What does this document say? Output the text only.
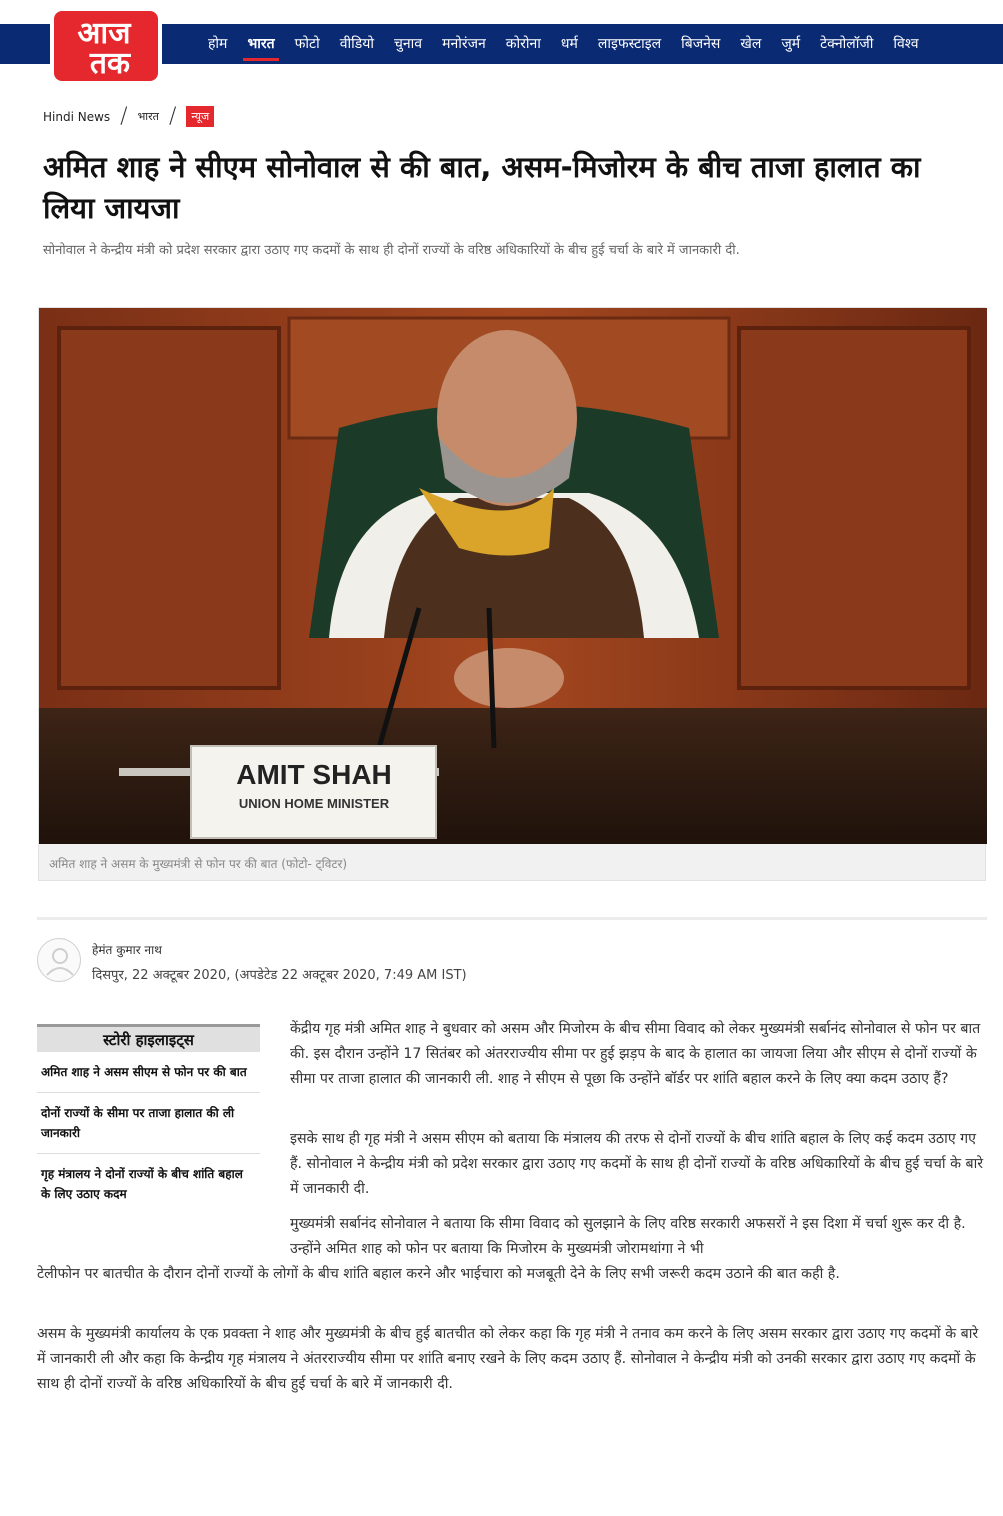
आज
तक
होम	भारत	फोटो	वीडियो	चुनाव	मनोरंजन	कोरोना	धर्म	लाइफस्टाइल	बिजनेस	खेल	जुर्म	टेक्नोलॉजी	विश्व
Hindi News / भारत /	न्यूज
अमित शाह ने सीएम सोनोवाल से की बात, असम-मिजोरम के बीच ताजा हालात का लिया जायजा

सोनोवाल ने केन्द्रीय मंत्री को प्रदेश सरकार द्वारा उठाए गए कदमों के साथ ही दोनों राज्यों के वरिष्ठ अधिकारियों के बीच हुई चर्चा के बारे में जानकारी दी.

AMIT SHAH
UNION HOME MINISTER
अमित शाह ने असम के मुख्यमंत्री से फोन पर की बात (फोटो- ट्विटर)
हेमंत कुमार नाथ
दिसपुर, 22 अक्टूबर 2020, (अपडेटेड 22 अक्टूबर 2020, 7:49 AM IST)
स्टोरी हाइलाइट्स
अमित शाह ने असम सीएम से फोन पर की बात
दोनों राज्यों के सीमा पर ताजा हालात की ली जानकारी
गृह मंत्रालय ने दोनों राज्यों के बीच शांति बहाल के लिए उठाए कदम

केंद्रीय गृह मंत्री अमित शाह ने बुधवार को असम और मिजोरम के बीच सीमा विवाद को लेकर मुख्यमंत्री सर्बानंद सोनोवाल से फोन पर बात की. इस दौरान उन्होंने 17 सितंबर को अंतरराज्यीय सीमा पर हुई झड़प के बाद के हालात का जायजा लिया और सीएम से दोनों राज्यों के सीमा पर ताजा हालात की जानकारी ली. शाह ने सीएम से पूछा कि उन्होंने बॉर्डर पर शांति बहाल करने के लिए क्या कदम उठाए हैं?

इसके साथ ही गृह मंत्री ने असम सीएम को बताया कि मंत्रालय की तरफ से दोनों राज्यों के बीच शांति बहाल के लिए कई कदम उठाए गए हैं. सोनोवाल ने केन्द्रीय मंत्री को प्रदेश सरकार द्वारा उठाए गए कदमों के साथ ही दोनों राज्यों के वरिष्ठ अधिकारियों के बीच हुई चर्चा के बारे में जानकारी दी.

मुख्यमंत्री सर्बानंद सोनोवाल ने बताया कि सीमा विवाद को सुलझाने के लिए वरिष्ठ सरकारी अफसरों ने इस दिशा में चर्चा शुरू कर दी है. उन्होंने अमित शाह को फोन पर बताया कि मिजोरम के मुख्यमंत्री जोरामथांगा ने भी

टेलीफोन पर बातचीत के दौरान दोनों राज्यों के लोगों के बीच शांति बहाल करने और भाईचारा को मजबूती देने के लिए सभी जरूरी कदम उठाने की बात कही है.

असम के मुख्यमंत्री कार्यालय के एक प्रवक्ता ने शाह और मुख्यमंत्री के बीच हुई बातचीत को लेकर कहा कि गृह मंत्री ने तनाव कम करने के लिए असम सरकार द्वारा उठाए गए कदमों के बारे में जानकारी ली और कहा कि केन्द्रीय गृह मंत्रालय ने अंतरराज्यीय सीमा पर शांति बनाए रखने के लिए कदम उठाए हैं. सोनोवाल ने केन्द्रीय मंत्री को उनकी सरकार द्वारा उठाए गए कदमों के साथ ही दोनों राज्यों के वरिष्ठ अधिकारियों के बीच हुई चर्चा के बारे में जानकारी दी.
